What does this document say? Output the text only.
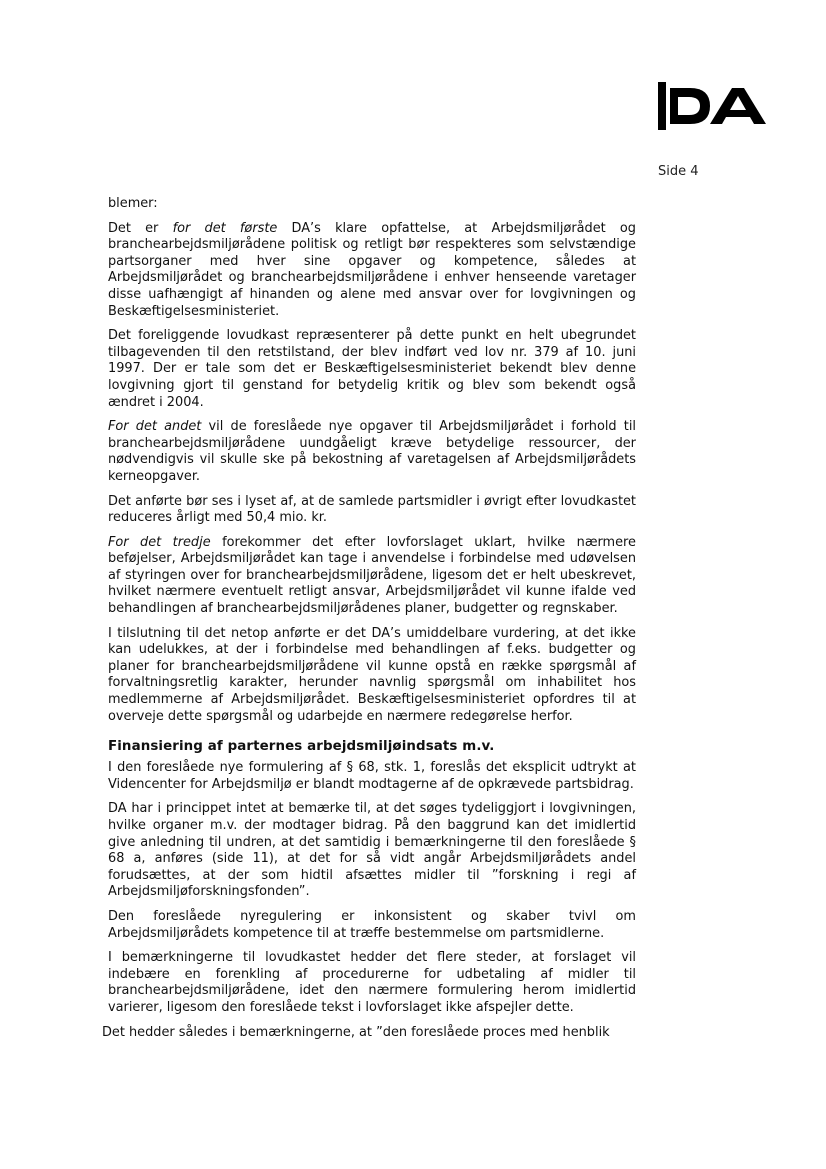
Side 4

blemer:

Det er for det første DA’s klare opfattelse, at Arbejdsmiljørådet og branchearbejdsmiljørådene politisk og retligt bør respekteres som selvstændige partsorganer med hver sine opgaver og kompetence, således at Arbejdsmiljørådet og branchearbejdsmiljørådene i enhver henseende varetager disse uafhængigt af hinanden og alene med ansvar over for lovgivningen og Beskæftigelsesministeriet.

Det foreliggende lovudkast repræsenterer på dette punkt en helt ubegrundet tilbagevenden til den retstilstand, der blev indført ved lov nr. 379 af 10. juni 1997. Der er tale som det er Beskæftigelsesministeriet bekendt blev denne lovgivning gjort til genstand for betydelig kritik og blev som bekendt også ændret i 2004.

For det andet vil de foreslåede nye opgaver til Arbejdsmiljørådet i forhold til branchearbejdsmiljørådene uundgåeligt kræve betydelige ressourcer, der nødvendigvis vil skulle ske på bekostning af varetagelsen af Arbejdsmiljørådets kerneopgaver.

Det anførte bør ses i lyset af, at de samlede partsmidler i øvrigt efter lovudkastet reduceres årligt med 50,4 mio. kr.

For det tredje forekommer det efter lovforslaget uklart, hvilke nærmere beføjelser, Arbejdsmiljørådet kan tage i anvendelse i forbindelse med udøvelsen af styringen over for branchearbejdsmiljørådene, ligesom det er helt ubeskrevet, hvilket nærmere eventuelt retligt ansvar, Arbejdsmiljørådet vil kunne ifalde ved behandlingen af branchearbejdsmiljørådenes planer, budgetter og regnskaber.

I tilslutning til det netop anførte er det DA’s umiddelbare vurdering, at det ikke kan udelukkes, at der i forbindelse med behandlingen af f.eks. budgetter og planer for branchearbejdsmiljørådene vil kunne opstå en række spørgsmål af forvaltningsretlig karakter, herunder navnlig spørgsmål om inhabilitet hos medlemmerne af Arbejdsmiljørådet. Beskæftigelsesministeriet opfordres til at overveje dette spørgsmål og udarbejde en nærmere redegørelse herfor.

Finansiering af parternes arbejdsmiljøindsats m.v.

I den foreslåede nye formulering af § 68, stk. 1, foreslås det eksplicit udtrykt at Videncenter for Arbejdsmiljø er blandt modtagerne af de opkrævede partsbidrag.

DA har i princippet intet at bemærke til, at det søges tydeliggjort i lovgivningen, hvilke organer m.v. der modtager bidrag. På den baggrund kan det imidlertid give anledning til undren, at det samtidig i bemærkningerne til den foreslåede § 68 a, anføres (side 11), at det for så vidt angår Arbejdsmiljørådets andel forudsættes, at der som hidtil afsættes midler til ”forskning i regi af Arbejdsmiljøforskningsfonden”.

Den foreslåede nyregulering er inkonsistent og skaber tvivl om Arbejdsmiljørådets kompetence til at træffe bestemmelse om partsmidlerne.

I bemærkningerne til lovudkastet hedder det flere steder, at forslaget vil indebære en forenkling af procedurerne for udbetaling af midler til branchearbejdsmiljørådene, idet den nærmere formulering herom imidlertid varierer, ligesom den foreslåede tekst i lovforslaget ikke afspejler dette.

Det hedder således i bemærkningerne, at ”den foreslåede proces med henblik
